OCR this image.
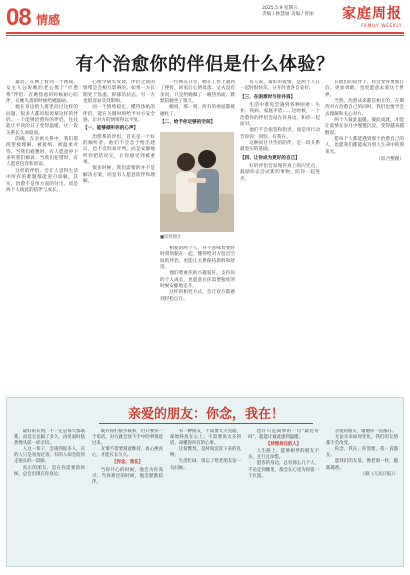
08 情感
2025.5.9 星期五
责编 / 林慧丽 美编 / 曾丽 家庭周报
FAMILY WEEKLY
有个治愈你的伴侣是什么体验？

最近，在网上看到一个视频，女主人公说她的老公像个“疗愈系”伴侣：在她焦虑的时候耐心陪伴，在她失落的时候给她鼓励。

她在身边的人群里问过这样的问题，很多人都说很羡慕这样的伴侣。一个能够治愈你的伴侣，往往能让平淡的日子变得温暖，让一段关系长久而稳固。

的确，在亲密关系中，我们都渴望被理解、被接纳、被温柔对待。当我们疲惫时，有人愿意停下来听我们倾诉；当我们犯错时，有人愿意包容和原谅。

这样的伴侣，会让人觉得生活中所有的难题都能迎刃而解。其实，治愈不是单方面的付出，而是两个人彼此的陪伴与成长。

心理学研究发现，伴侣之间的情绪是会相互影响的。如果一方长期处于焦虑、抑郁的状态，另一方也很容易受到影响。

而一个情绪稳定、懂得体贴的伴侣，能在关键时刻给予对方安全感，让对方的情绪得以平复。

【一、能够倾听你的心声】

治愈系的伴侣，首先是一个好的倾听者。他们不会急于给出建议，也不会轻易评判，而是安静地听你把话说完，让你感受到被重视。

很多时候，我们需要的并不是解决方案，而是有人愿意陪伴和理解。

一位网友分享，她在工作上遇到了挫折，回家后心情低落。丈夫没有多问，只是给她做了一碗热汤面，默默陪她坐了很久。

她说，那一刻，所有的委屈都被融化了。

【二、给予你足够的空间】

相爱的两个人，并不意味着要时时刻刻黏在一起。懂得给对方留出空间的伴侣，更能让关系保持新鲜和舒适。

他们尊重你的兴趣爱好，支持你的个人成长，也愿意在你需要独处的时候安静地走开。

这样的相处方式，会让双方都感到轻松自在。

有人说，最好的爱情，是两个人在一起时很快乐，分开时也各自安好。

【三、在困难时与你并肩】

生活中难免会遇到各种困难：失业、疾病、家庭矛盾……这时候，一个治愈你的伴侣会站在你身边，和你一起面对。

他们不会抱怨和指责，而是用行动告诉你：别怕，有我在。

这种同甘共苦的陪伴，是一段关系最坚实的基础。

【四、让你成为更好的自己】

好的伴侣会发现你身上的闪光点，鼓励你去尝试新的事物，陪你一起进步。

在他们的陪伴下，你会变得更加自信、更加勇敢，也更愿意去爱这个世界。

当然，治愈从来都是相互的。在期待对方治愈自己的同时，我们也要学会去理解和关心对方。

两个人彼此温暖、彼此成就，才能让爱情在岁月中慢慢沉淀，变得越来越醇厚。

愿每个人都能遇到那个治愈自己的人，也愿我们都能成为别人生命中的那束光。

（综合整理）

■资料图片
亲爱的朋友：你念，我在！

最好的友情，不一定是每天都联系，而是无论隔了多久，再见面时依然像从前一样亲切。

人这一辈子，会遇到很多人，有的人只是匆匆过客，有的人却会陪你走很长的一段路。

真正的朋友，是在你需要的时候，总会出现在你身边。

或许你们很少联系，但只要你一个电话，对方就会放下手中的事情赶过来。

友情不需要刻意维持，真心换真心，才能长长久久。

【你念，我在】

当你开心的时候，他会为你高兴；当你难过的时候，他会默默陪伴。

有一种朋友，不需要天天见面，却始终放在心上；不需要说太多的话，却懂你所有的心事。

这份默契，是时间沉淀下来的礼物。

生活忙碌，别忘了给老朋友发一句问候。

也许只是简单的一句“最近好吗”，就能让彼此感到温暖。

【珍惜身边的人】

人生路上，能够相伴的朋友不多，且行且珍惜。

愿你的身边，总有那么几个人，不论走到哪里，都会在心里为你留一个位置。

亲爱的朋友，谢谢你一直都在。

无论未来如何变化，我们的友情都不会改变。

你念，我在；你需要，我一直都在。

愿我们的友谊，像老酒一样，越陈越香。

（据《人民日报》）
